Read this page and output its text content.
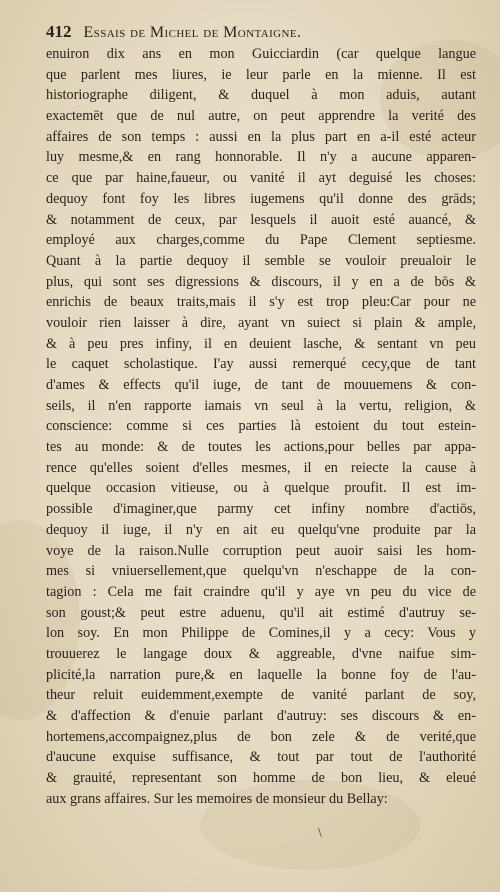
412 Essais de Michel de Montaigne.
enuiron dix ans en mon Guicciardin (car quelque langue
que parlent mes liures, ie leur parle en la mienne. Il est
historiographe diligent, & duquel à mon aduis, autant
exactemēt que de nul autre, on peut apprendre la verité des
affaires de son temps : aussi en la plus part en a-il esté acteur
luy mesme,& en rang honnorable. Il n'y a aucune apparen-
ce que par haine,faueur, ou vanité il ayt deguisé les choses:
dequoy font foy les libres iugemens qu'il donne des grāds;
& notamment de ceux, par lesquels il auoit esté auancé, &
employé aux charges,comme du Pape Clement septiesme.
Quant à la partie dequoy il semble se vouloir preualoir le
plus, qui sont ses digressions & discours, il y en a de bōs &
enrichis de beaux traits,mais il s'y est trop pleu:Car pour ne
vouloir rien laisser à dire, ayant vn suiect si plain & ample,
& à peu pres infiny, il en deuient lasche, & sentant vn peu
le caquet scholastique. I'ay aussi remerqué cecy,que de tant
d'ames & effects qu'il iuge, de tant de mouuemens & con-
seils, il n'en rapporte iamais vn seul à la vertu, religion, &
conscience: comme si ces parties là estoient du tout estein-
tes au monde: & de toutes les actions,pour belles par appa-
rence qu'elles soient d'elles mesmes, il en reiecte la cause à
quelque occasion vitieuse, ou à quelque proufit. Il est im-
possible d'imaginer,que parmy cet infiny nombre d'actiōs,
dequoy il iuge, il n'y en ait eu quelqu'vne produite par la
voye de la raison.Nulle corruption peut auoir saisi les hom-
mes si vniuersellement,que quelqu'vn n'eschappe de la con-
tagion : Cela me fait craindre qu'il y aye vn peu du vice de
son goust;& peut estre aduenu, qu'il ait estimé d'autruy se-
lon soy. En mon Philippe de Comines,il y a cecy: Vous y
trouuerez le langage doux & aggreable, d'vne naifue sim-
plicité,la narration pure,& en laquelle la bonne foy de l'au-
theur reluit euidemment,exempte de vanité parlant de soy,
& d'affection & d'enuie parlant d'autruy: ses discours & en-
hortemens,accompaignez,plus de bon zele & de verité,que
d'aucune exquise suffisance, & tout par tout de l'authorité
& grauité, representant son homme de bon lieu, & eleué
aux grans affaires. Sur les memoires de monsieur du Bellay:
\
